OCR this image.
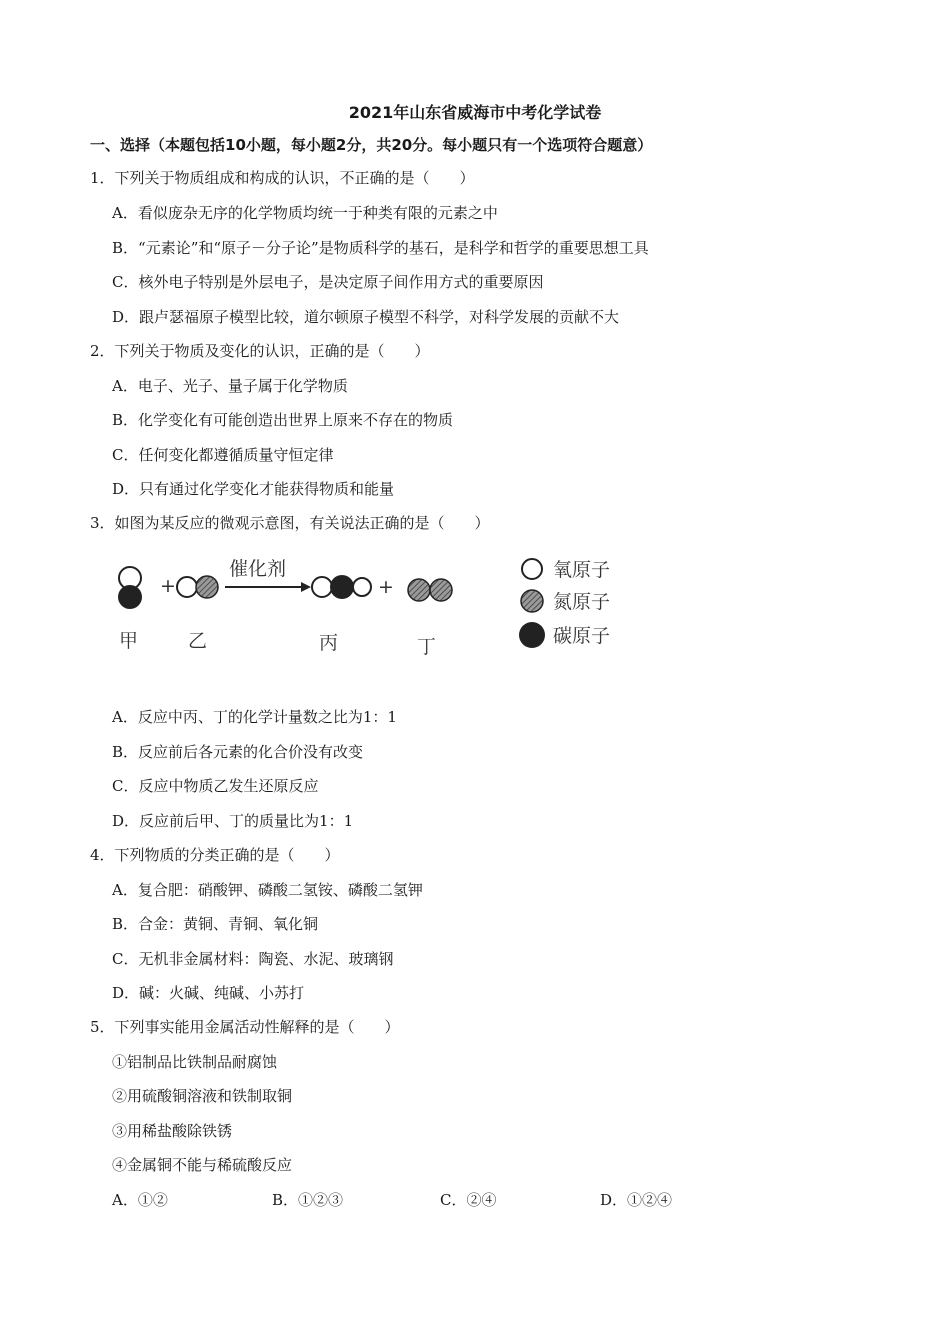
2021年山东省威海市中考化学试卷
一、选择（本题包括10小题，每小题2分，共20分。每小题只有一个选项符合题意）
1．下列关于物质组成和构成的认识，不正确的是（　　）
A．看似庞杂无序的化学物质均统一于种类有限的元素之中
B．“元素论”和“原子－分子论”是物质科学的基石，是科学和哲学的重要思想工具
C．核外电子特别是外层电子，是决定原子间作用方式的重要原因
D．跟卢瑟福原子模型比较，道尔顿原子模型不科学，对科学发展的贡献不大
2．下列关于物质及变化的认识，正确的是（　　）
A．电子、光子、量子属于化学物质
B．化学变化有可能创造出世界上原来不存在的物质
C．任何变化都遵循质量守恒定律
D．只有通过化学变化才能获得物质和能量
3．如图为某反应的微观示意图，有关说法正确的是（　　）
+
催化剂
+
甲	乙	丙	丁
氧原子
氮原子
碳原子
A．反应中丙、丁的化学计量数之比为1：1
B．反应前后各元素的化合价没有改变
C．反应中物质乙发生还原反应
D．反应前后甲、丁的质量比为1：1
4．下列物质的分类正确的是（　　）
A．复合肥：硝酸钾、磷酸二氢铵、磷酸二氢钾
B．合金：黄铜、青铜、氧化铜
C．无机非金属材料：陶瓷、水泥、玻璃钢
D．碱：火碱、纯碱、小苏打
5．下列事实能用金属活动性解释的是（　　）
①铝制品比铁制品耐腐蚀
②用硫酸铜溶液和铁制取铜
③用稀盐酸除铁锈
④金属铜不能与稀硫酸反应
A．①②	B．①②③	C．②④	D．①②④
